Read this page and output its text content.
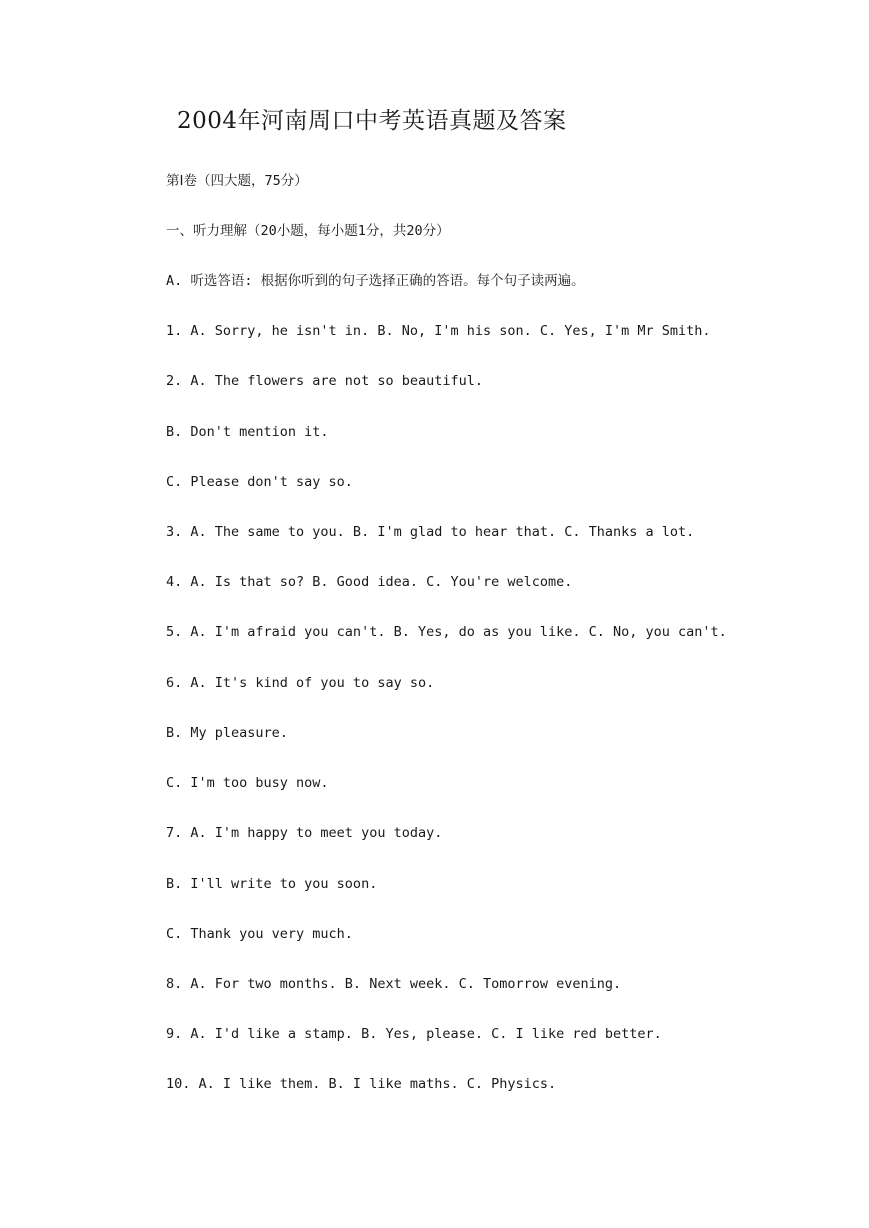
2004年河南周口中考英语真题及答案

第Ⅰ卷（四大题，75分）

一、听力理解（20小题，每小题1分，共20分）

A. 听选答语: 根据你听到的句子选择正确的答语。每个句子读两遍。

1. A. Sorry, he isn't in. B. No, I'm his son. C. Yes, I'm Mr Smith.

2. A. The flowers are not so beautiful.

B. Don't mention it.

C. Please don't say so.

3. A. The same to you. B. I'm glad to hear that. C. Thanks a lot.

4. A. Is that so? B. Good idea. C. You're welcome.

5. A. I'm afraid you can't. B. Yes, do as you like. C. No, you can't.

6. A. It's kind of you to say so.

B. My pleasure.

C. I'm too busy now.

7. A. I'm happy to meet you today.

B. I'll write to you soon.

C. Thank you very much.

8. A. For two months. B. Next week. C. Tomorrow evening.

9. A. I'd like a stamp. B. Yes, please. C. I like red better.

10. A. I like them. B. I like maths. C. Physics.
